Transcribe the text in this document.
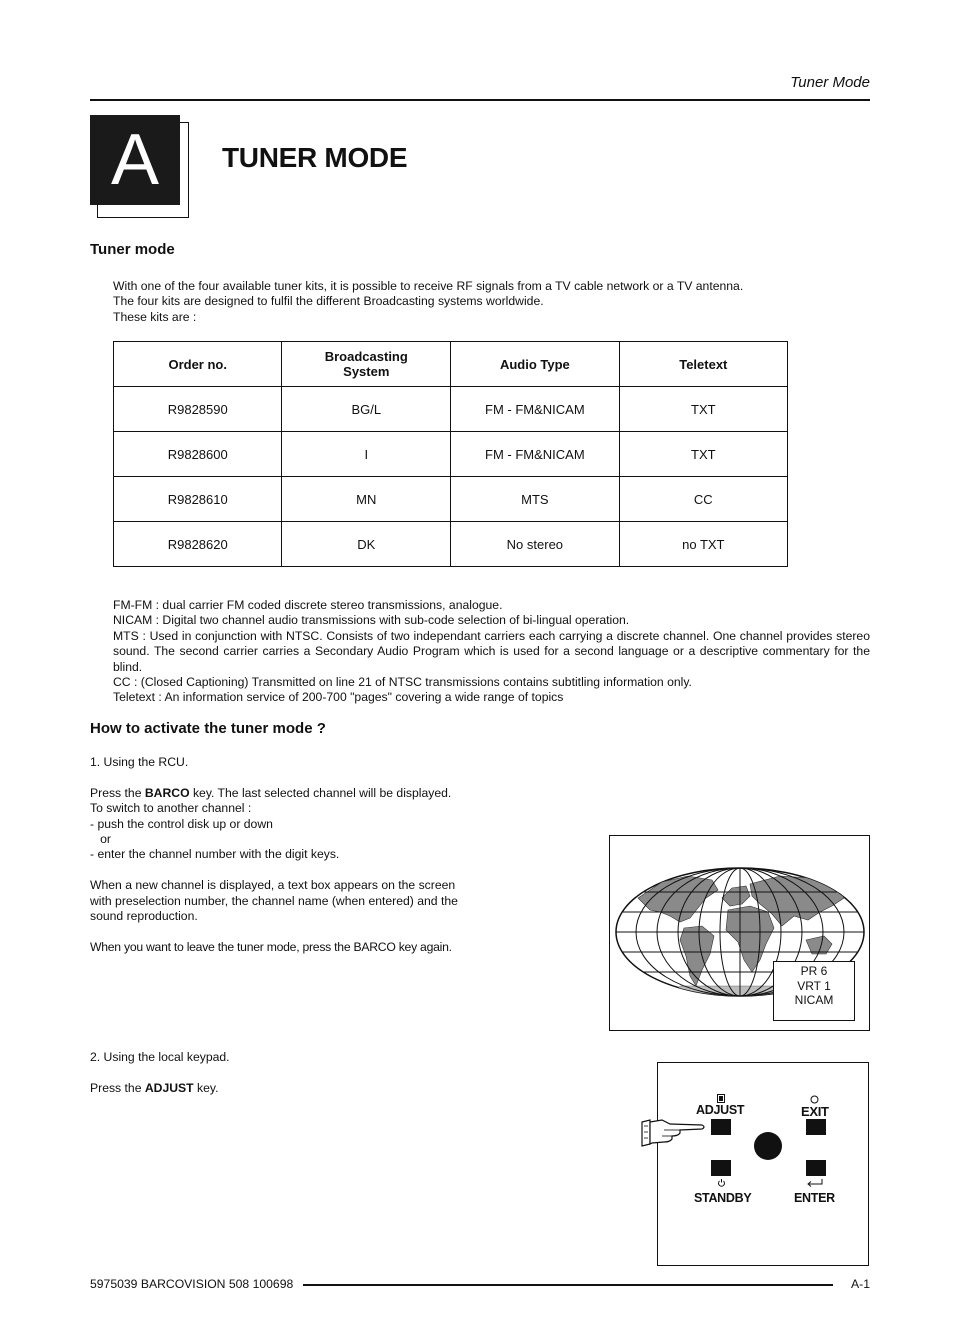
Tuner Mode
A	TUNER MODE
Tuner mode

With one of the four available tuner kits, it is possible to receive RF signals from a TV cable network or a TV antenna.

The four kits are designed to fulfil the different Broadcasting systems worldwide.

These kits are :

Order no.	Broadcasting System	Audio Type	Teletext
R9828590	BG/L	FM - FM&NICAM	TXT
R9828600	I	FM - FM&NICAM	TXT
R9828610	MN	MTS	CC
R9828620	DK	No stereo	no TXT

FM-FM : dual carrier FM coded discrete stereo transmissions, analogue.

NICAM : Digital two channel audio transmissions with sub-code selection of bi-lingual operation.

MTS : Used in conjunction with NTSC. Consists of two independant carriers each carrying a discrete channel. One channel provides stereo sound. The second carrier carries a Secondary Audio Program which is used for a second language or a descriptive commentary for the blind.

CC : (Closed Captioning) Transmitted on line 21 of NTSC transmissions contains subtitling information only.

Teletext : An information service of 200-700 "pages" covering a wide range of topics

How to activate the tuner mode ?

1. Using the RCU.

Press the BARCO key. The last selected channel will be displayed.

To switch to another channel :

- push the control disk up or down

or

- enter the channel number with the digit keys.

When a new channel is displayed, a text box appears on the screen

with preselection number, the channel name (when entered) and the

sound reproduction.

When you want to leave the tuner mode, press the BARCO key again.

2. Using the local keypad.

Press the ADJUST key.

PR 6
VRT 1
NICAM
ADJUST	EXIT
STANDBY	ENTER
5975039 BARCOVISION 508 100698	A-1
